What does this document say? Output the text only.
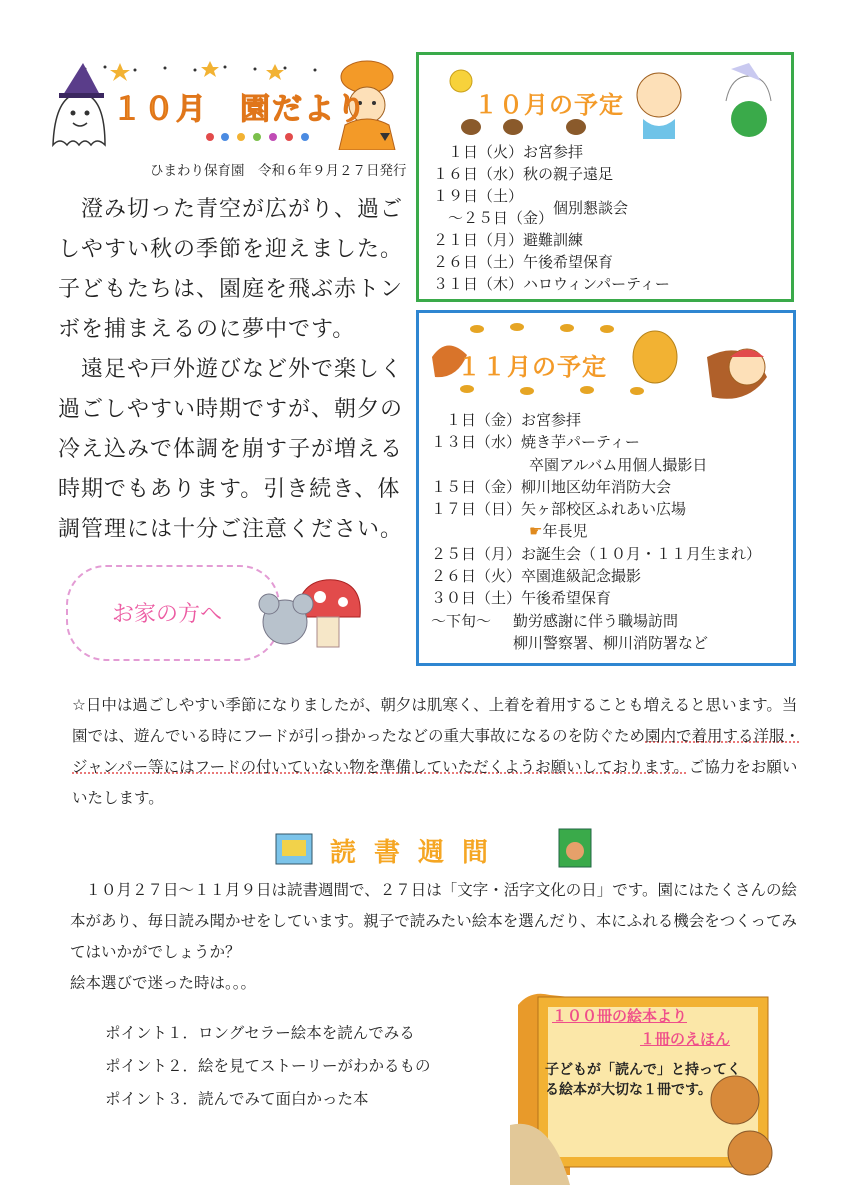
１０月　園だより
ひまわり保育園　令和６年９月２７日発行

　澄み切った青空が広がり、過ごしやすい秋の季節を迎えました。子どもたちは、園庭を飛ぶ赤トンボを捕まえるのに夢中です。

　遠足や戸外遊びなど外で楽しく過ごしやすい時期ですが、朝夕の冷え込みで体調を崩す子が増える時期でもあります。引き続き、体調管理には十分ご注意ください。

１０月の予定
　１日（火）お宮参拝
１６日（水）秋の親子遠足
１９日（土）
　～２５日（金）個別懇談会
２１日（月）避難訓練
２６日（土）午後希望保育
３１日（木）ハロウィンパーティー
１１月の予定
　１日（金）お宮参拝
１３日（水）焼き芋パーティー
卒園アルバム用個人撮影日
１５日（金）柳川地区幼年消防大会
１７日（日）矢ヶ部校区ふれあい広場
☛年長児
２５日（月）お誕生会（１０月・１１月生まれ）
２６日（火）卒園進級記念撮影
３０日（土）午後希望保育
～下旬～ 勤労感謝に伴う職場訪問
柳川警察署、柳川消防署など
お家の方へ

☆日中は過ごしやすい季節になりましたが、朝夕は肌寒く、上着を着用することも増えると思います。当園では、遊んでいる時にフードが引っ掛かったなどの重大事故になるのを防ぐため園内で着用する洋服・ジャンパー等にはフードの付いていない物を準備していただくようお願いしております。ご協力をお願いいたします。

読書週間

　１０月２７日～１１月９日は読書週間で、２７日は「文字・活字文化の日」です。園にはたくさんの絵本があり、毎日読み聞かせをしています。親子で読みたい絵本を選んだり、本にふれる機会をつくってみてはいかがでしょうか？

絵本選びで迷った時は。。。

ポイント１．ロングセラー絵本を読んでみる
ポイント２．絵を見てストーリーがわかるもの
ポイント３．読んでみて面白かった本
１００冊の絵本より
１冊のえほん
子どもが「読んで」と持ってくる絵本が大切な１冊です。
